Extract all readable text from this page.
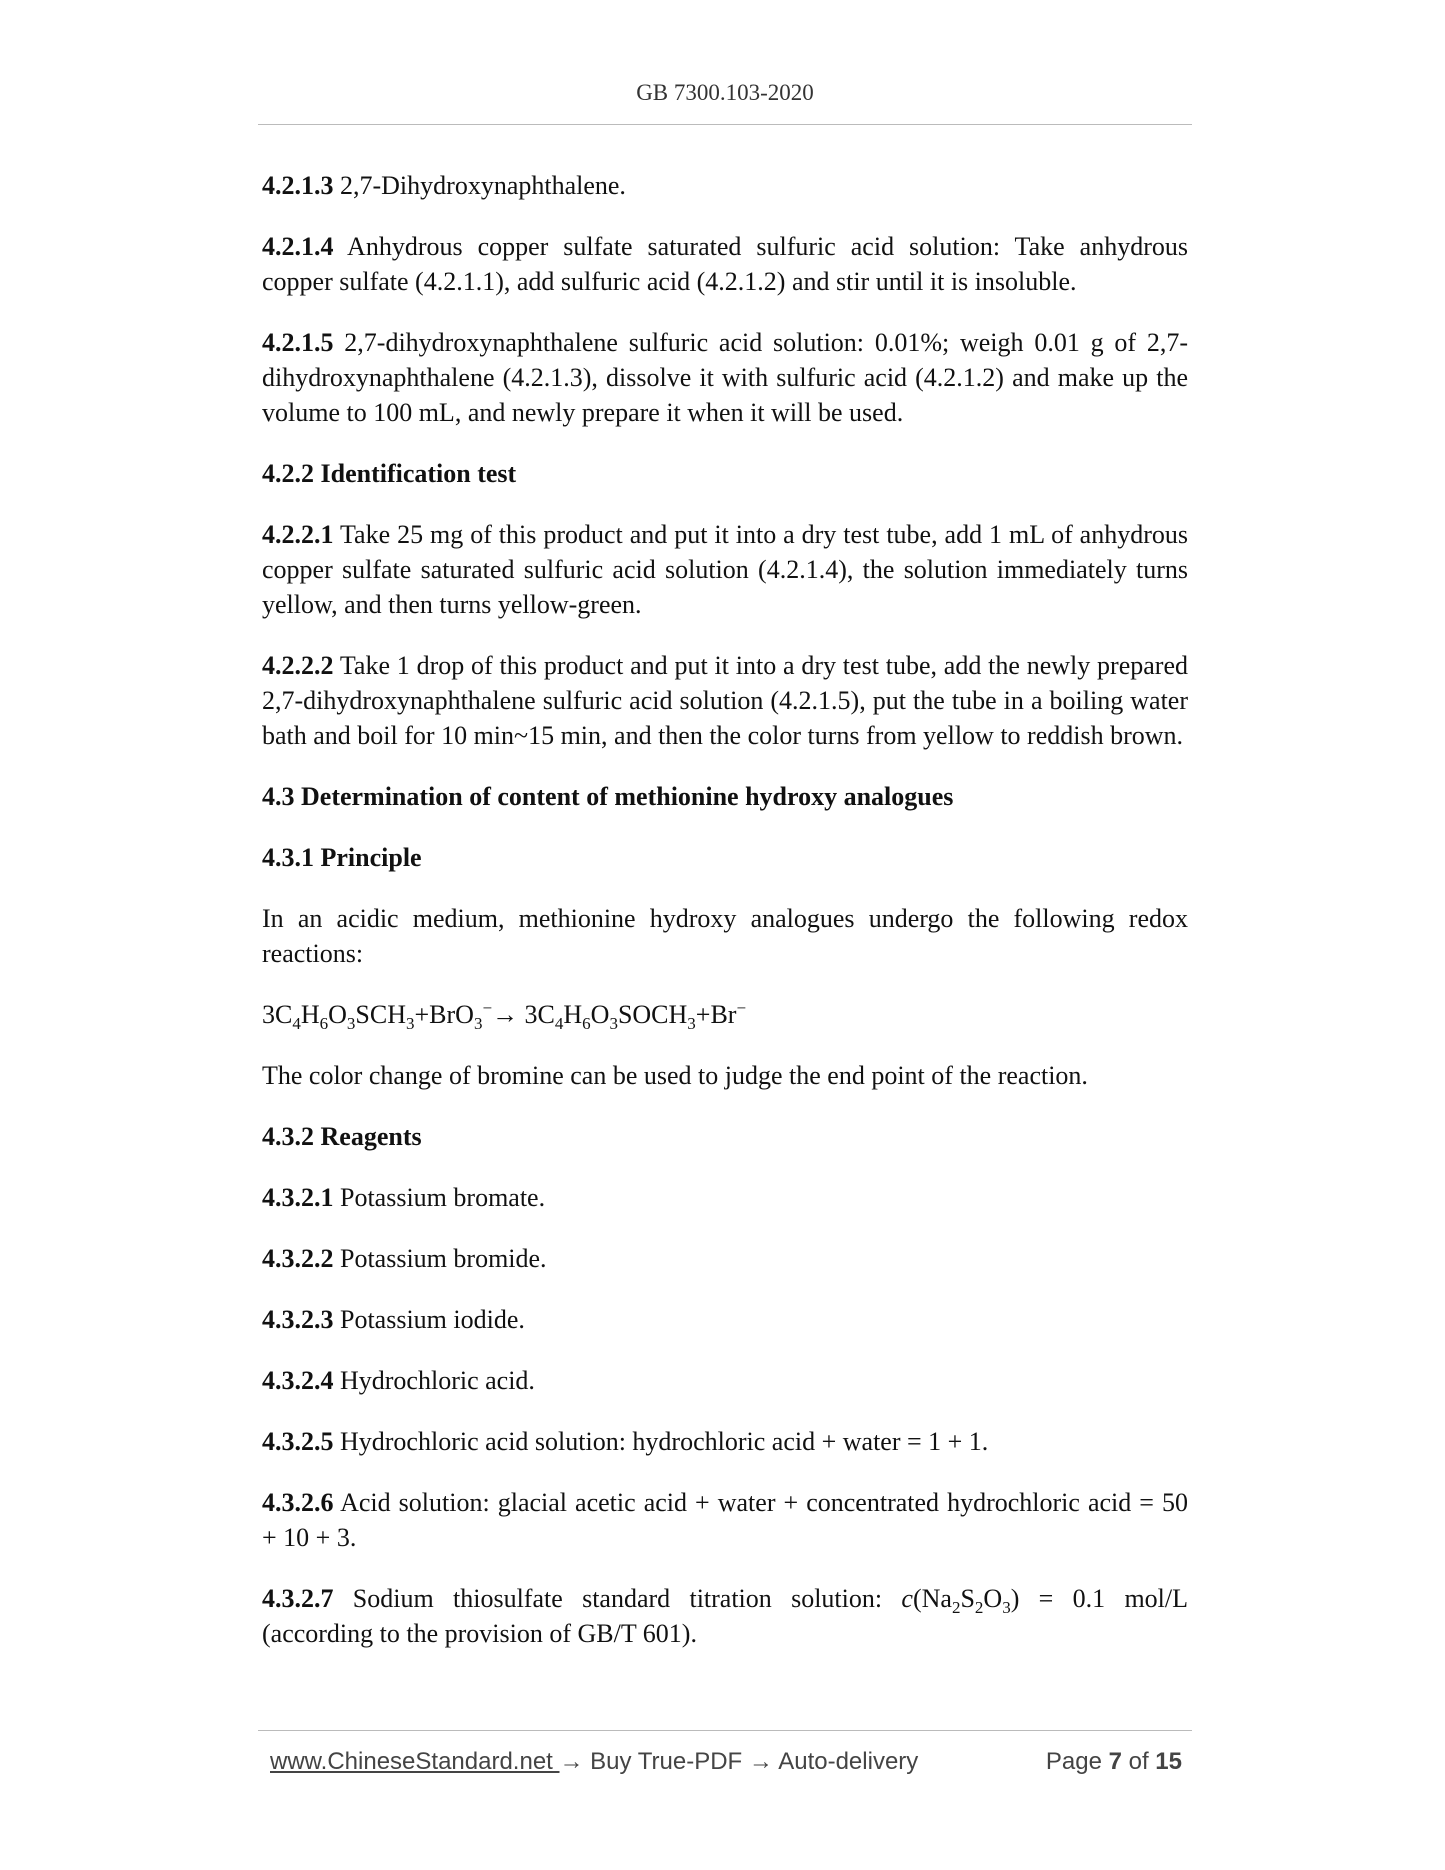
GB 7300.103-2020

4.2.1.3 2,7-Dihydroxynaphthalene.

4.2.1.4 Anhydrous copper sulfate saturated sulfuric acid solution: Take anhydrous copper sulfate (4.2.1.1), add sulfuric acid (4.2.1.2) and stir until it is insoluble.

4.2.1.5 2,7-dihydroxynaphthalene sulfuric acid solution: 0.01%; weigh 0.01 g of 2,7-dihydroxynaphthalene (4.2.1.3), dissolve it with sulfuric acid (4.2.1.2) and make up the volume to 100 mL, and newly prepare it when it will be used.

4.2.2 Identification test

4.2.2.1 Take 25 mg of this product and put it into a dry test tube, add 1 mL of anhydrous copper sulfate saturated sulfuric acid solution (4.2.1.4), the solution immediately turns yellow, and then turns yellow-green.

4.2.2.2 Take 1 drop of this product and put it into a dry test tube, add the newly prepared 2,7-dihydroxynaphthalene sulfuric acid solution (4.2.1.5), put the tube in a boiling water bath and boil for 10 min~15 min, and then the color turns from yellow to reddish brown.

4.3 Determination of content of methionine hydroxy analogues

4.3.1 Principle

In an acidic medium, methionine hydroxy analogues undergo the following redox reactions:

$3C_4H_6O_3SCH_3+BrO_3^-\to$ $3C_4H_6O_3SOCH_3+Br^-$

The color change of bromine can be used to judge the end point of the reaction.

4.3.2 Reagents

4.3.2.1 Potassium bromate.

4.3.2.2 Potassium bromide.

4.3.2.3 Potassium iodide.

4.3.2.4 Hydrochloric acid.

4.3.2.5 Hydrochloric acid solution: hydrochloric acid + water = 1 + 1.

4.3.2.6 Acid solution: glacial acetic acid + water + concentrated hydrochloric acid = 50 + 10 + 3.

4.3.2.7 Sodium thiosulfate standard titration solution: $c(Na_2S_2O_3) = 0.1$ mol/L (according to the provision of GB/T 601).

www.ChineseStandard.net → Buy True-PDF → Auto-delivery	Page 7 of 15
